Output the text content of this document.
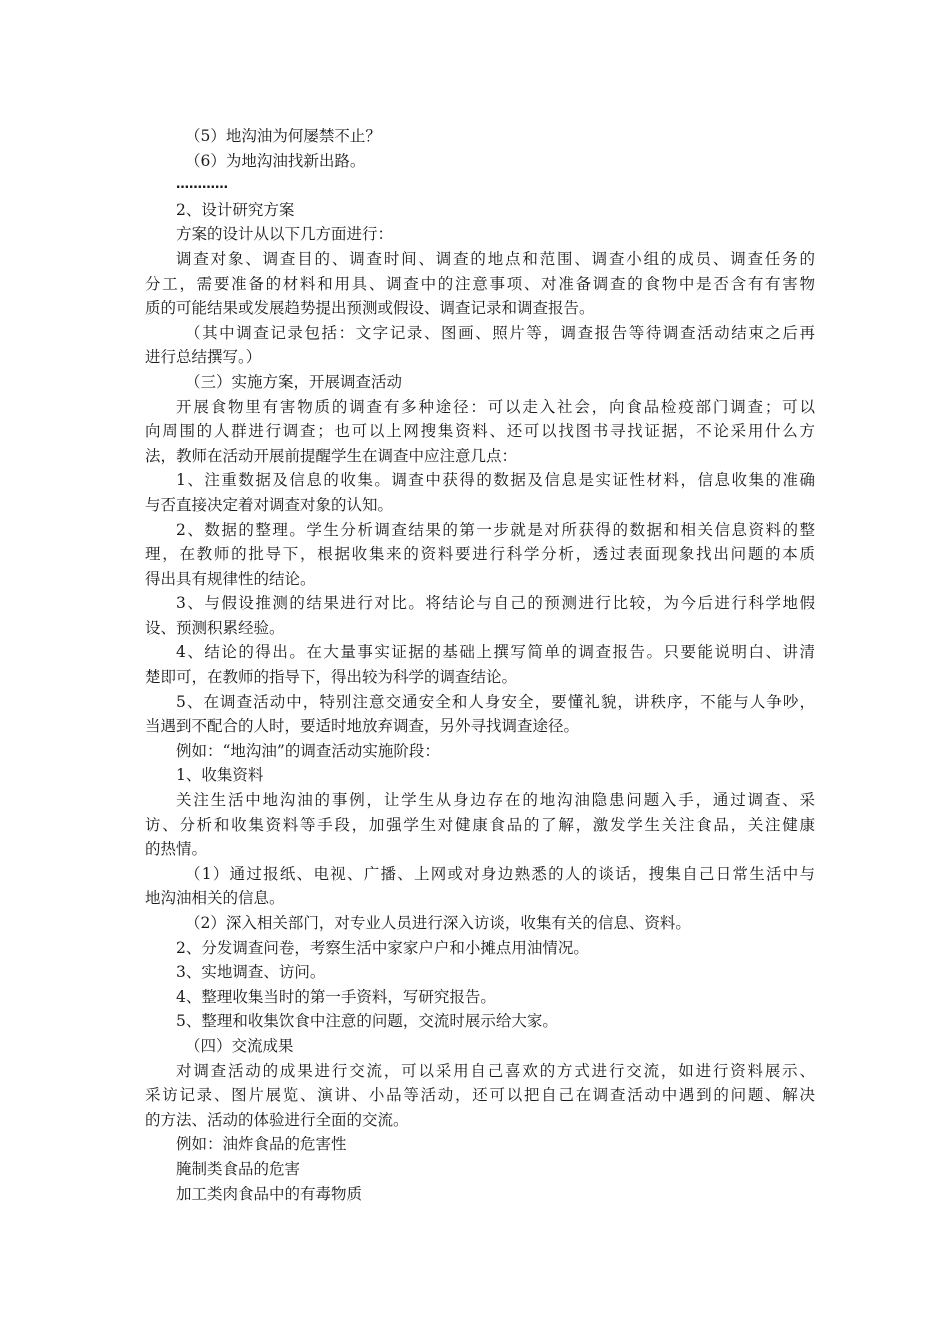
（5）地沟油为何屡禁不止？

（6）为地沟油找新出路。

…………

2、设计研究方案

方案的设计从以下几方面进行：

调查对象、调查目的、调查时间、调查的地点和范围、调查小组的成员、调查任务的

分工，需要准备的材料和用具、调查中的注意事项、对准备调查的食物中是否含有有害物

质的可能结果或发展趋势提出预测或假设、调查记录和调查报告。

（其中调查记录包括：文字记录、图画、照片等，调查报告等待调查活动结束之后再

进行总结撰写。）

（三）实施方案，开展调查活动

开展食物里有害物质的调查有多种途径：可以走入社会，向食品检疫部门调查；可以

向周围的人群进行调查；也可以上网搜集资料、还可以找图书寻找证据，不论采用什么方

法，教师在活动开展前提醒学生在调查中应注意几点：

1、注重数据及信息的收集。调查中获得的数据及信息是实证性材料，信息收集的准确

与否直接决定着对调查对象的认知。

2、数据的整理。学生分析调查结果的第一步就是对所获得的数据和相关信息资料的整

理，在教师的批导下，根据收集来的资料要进行科学分析，透过表面现象找出问题的本质

得出具有规律性的结论。

3、与假设推测的结果进行对比。将结论与自己的预测进行比较，为今后进行科学地假

设、预测积累经验。

4、结论的得出。在大量事实证据的基础上撰写简单的调查报告。只要能说明白、讲清

楚即可，在教师的指导下，得出较为科学的调查结论。

5、在调查活动中，特别注意交通安全和人身安全，要懂礼貌，讲秩序，不能与人争吵，

当遇到不配合的人时，要适时地放弃调查，另外寻找调查途径。

例如：“地沟油”的调查活动实施阶段：

1、收集资料

关注生活中地沟油的事例，让学生从身边存在的地沟油隐患问题入手，通过调查、采

访、分析和收集资料等手段，加强学生对健康食品的了解，激发学生关注食品，关注健康

的热情。

（1）通过报纸、电视、广播、上网或对身边熟悉的人的谈话，搜集自己日常生活中与

地沟油相关的信息。

（2）深入相关部门，对专业人员进行深入访谈，收集有关的信息、资料。

2、分发调查问卷，考察生活中家家户户和小摊点用油情况。

3、实地调查、访问。

4、整理收集当时的第一手资料，写研究报告。

5、整理和收集饮食中注意的问题，交流时展示给大家。

（四）交流成果

对调查活动的成果进行交流，可以采用自己喜欢的方式进行交流，如进行资料展示、

采访记录、图片展览、演讲、小品等活动，还可以把自己在调查活动中遇到的问题、解决

的方法、活动的体验进行全面的交流。

例如：油炸食品的危害性

腌制类食品的危害

加工类肉食品中的有毒物质
